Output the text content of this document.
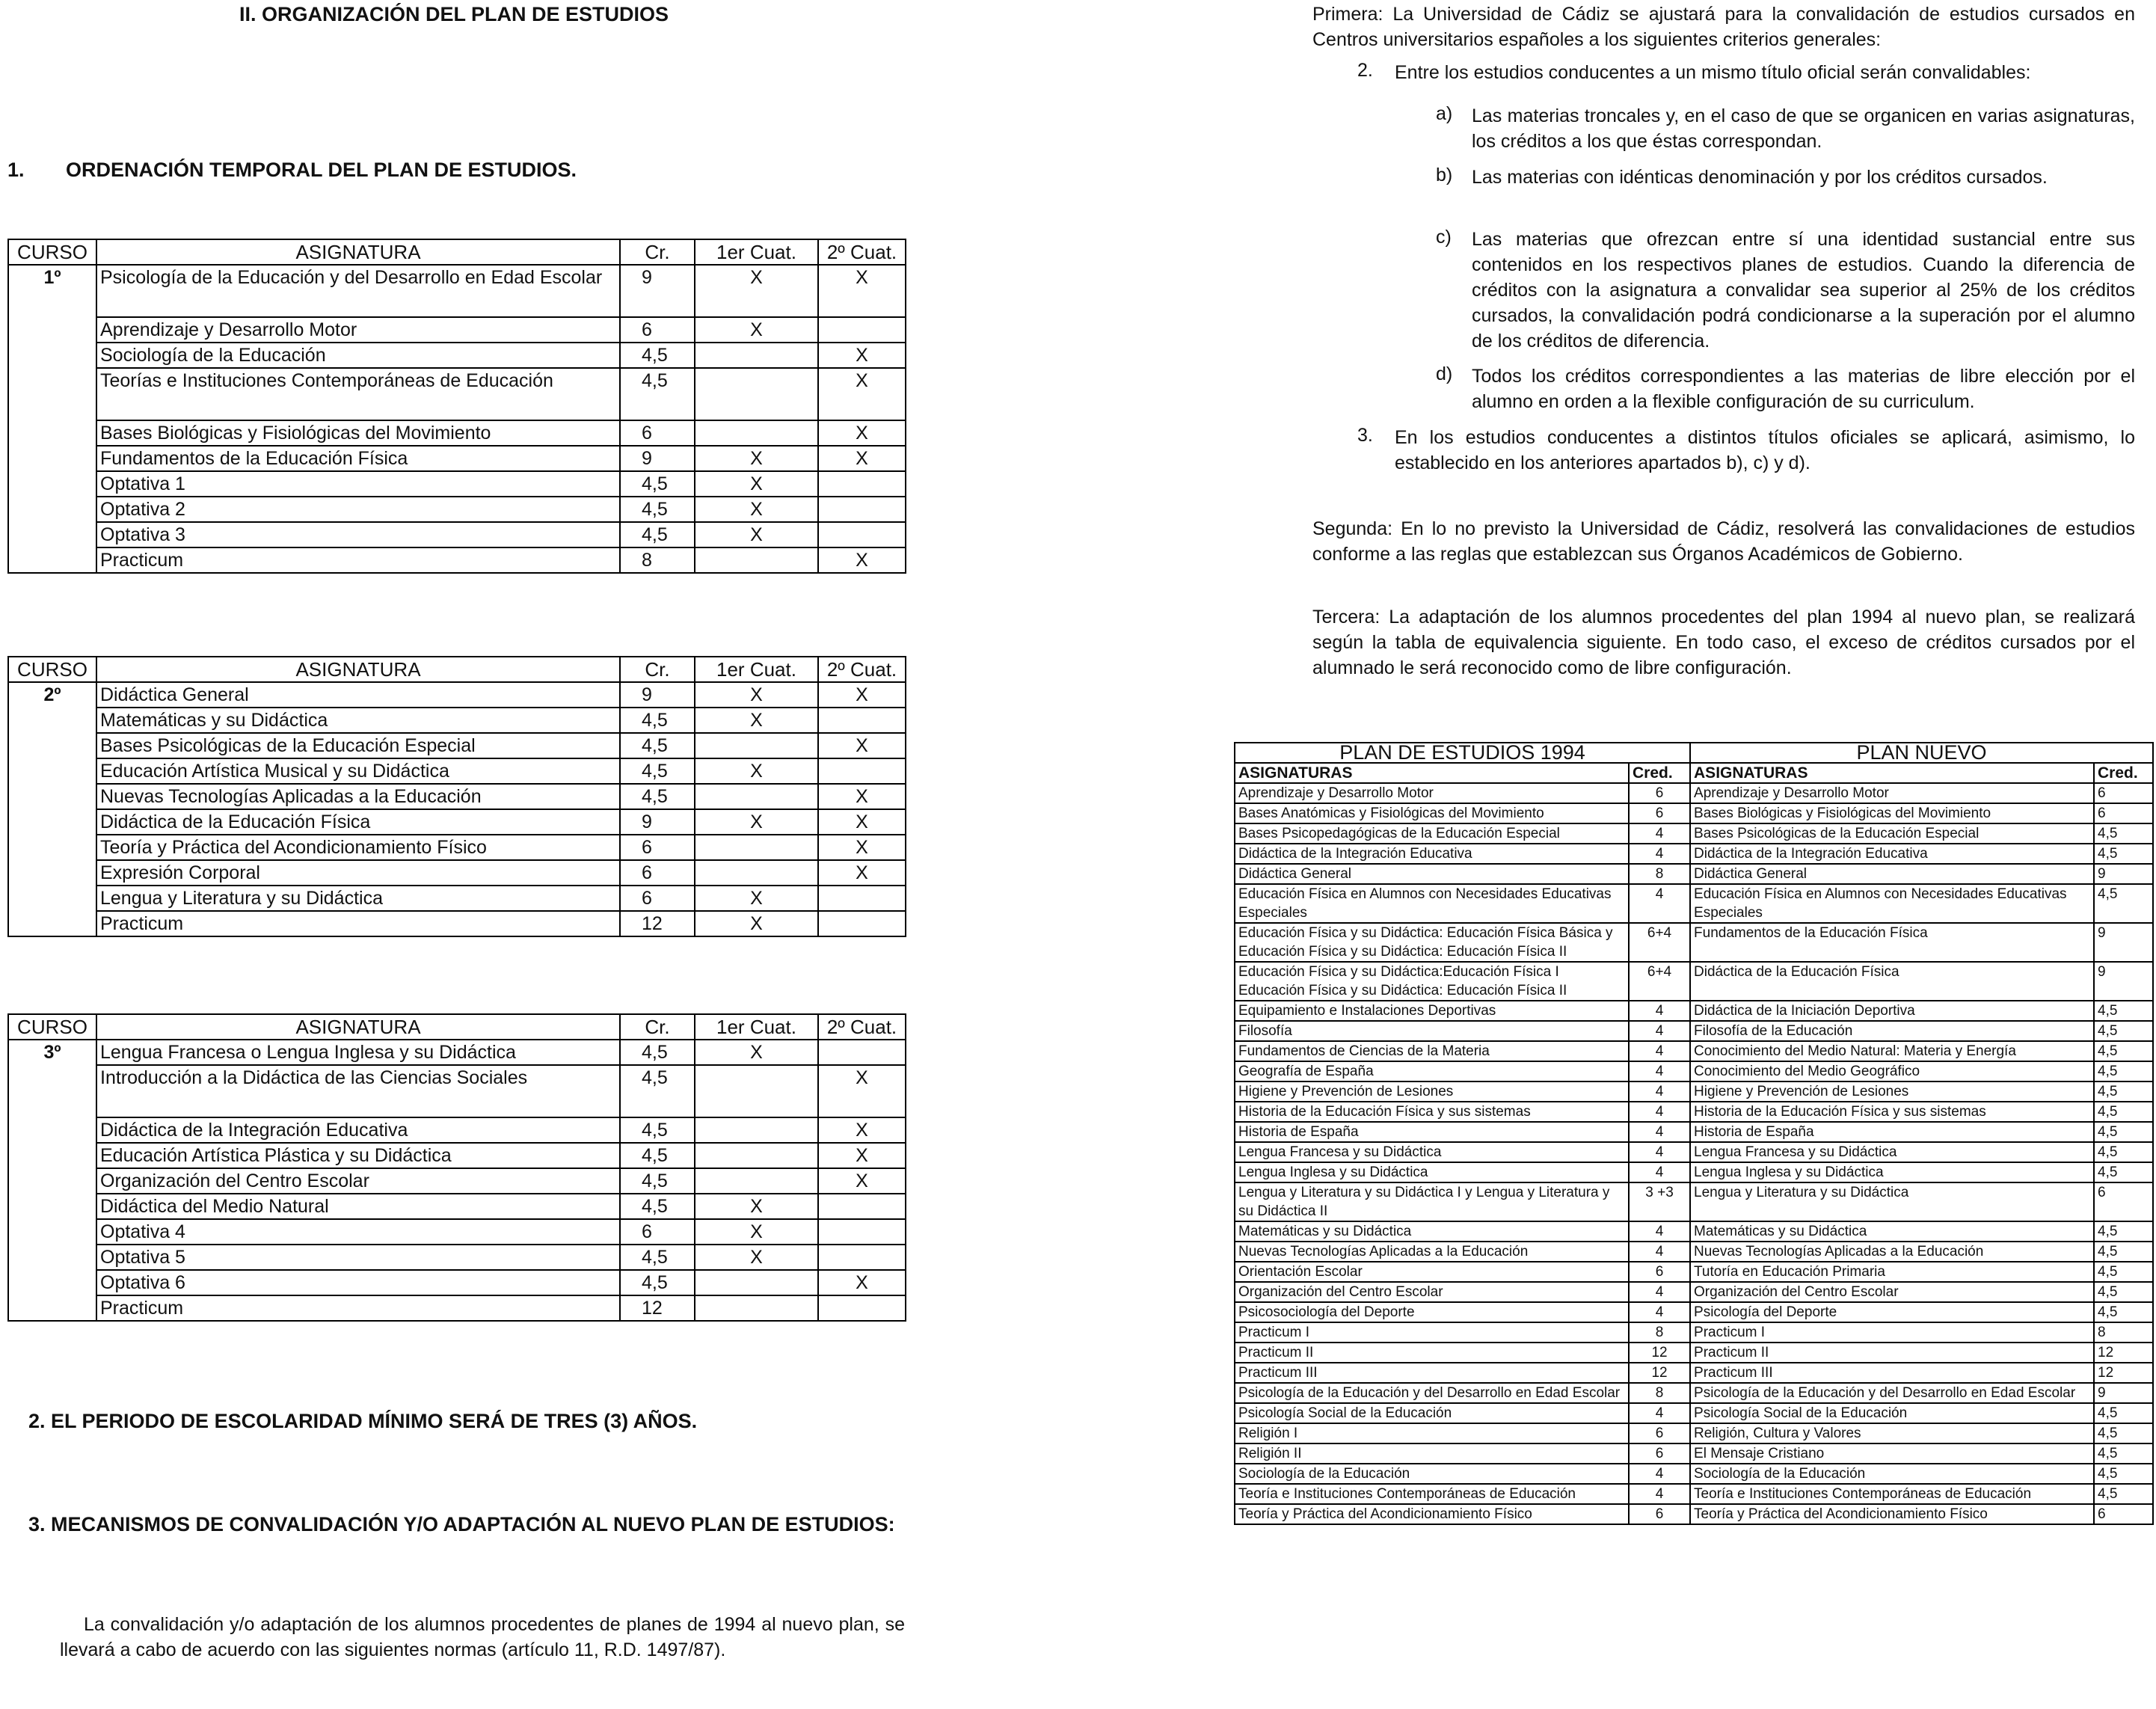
II. ORGANIZACIÓN DEL PLAN DE ESTUDIOS
1. ORDENACIÓN TEMPORAL DEL PLAN DE ESTUDIOS.
CURSO	ASIGNATURA	Cr.	1er Cuat.	2º Cuat.
1º	Psicología de la Educación y del Desarrollo en Edad Escolar	9	X	X
	Aprendizaje y Desarrollo Motor	6	X	
	Sociología de la Educación	4,5		X
	Teorías e Instituciones Contemporáneas de Educación	4,5		X
	Bases Biológicas y Fisiológicas del Movimiento	6		X
	Fundamentos de la Educación Física	9	X	X
	Optativa 1	4,5	X	
	Optativa 2	4,5	X	
	Optativa 3	4,5	X	
	Practicum	8		X
CURSO	ASIGNATURA	Cr.	1er Cuat.	2º Cuat.
2º	Didáctica General	9	X	X
	Matemáticas y su Didáctica	4,5	X	
	Bases Psicológicas de la Educación Especial	4,5		X
	Educación Artística Musical y su Didáctica	4,5	X	
	Nuevas Tecnologías Aplicadas a la Educación	4,5		X
	Didáctica de la Educación Física	9	X	X
	Teoría y Práctica del Acondicionamiento Físico	6		X
	Expresión Corporal	6		X
	Lengua y Literatura y su Didáctica	6	X	
	Practicum	12	X	
CURSO	ASIGNATURA	Cr.	1er Cuat.	2º Cuat.
3º	Lengua Francesa o Lengua Inglesa y su Didáctica	4,5	X	
	Introducción a la Didáctica de las Ciencias Sociales	4,5		X
	Didáctica de la Integración Educativa	4,5		X
	Educación Artística Plástica y su Didáctica	4,5		X
	Organización del Centro Escolar	4,5		X
	Didáctica del Medio Natural	4,5	X	
	Optativa 4	6	X	
	Optativa 5	4,5	X	
	Optativa 6	4,5		X
	Practicum	12		
2. EL PERIODO DE ESCOLARIDAD MÍNIMO SERÁ DE TRES (3) AÑOS.
3. MECANISMOS DE CONVALIDACIÓN Y/O ADAPTACIÓN AL NUEVO PLAN DE ESTUDIOS:
La convalidación y/o adaptación de los alumnos procedentes de planes de 1994 al nuevo plan, se llevará a cabo de acuerdo con las siguientes normas (artículo 11, R.D. 1497/87).
Primera: La Universidad de Cádiz se ajustará para la convalidación de estudios cursados en Centros universitarios españoles a los siguientes criterios generales:
2. Entre los estudios conducentes a un mismo título oficial serán convalidables:
a) Las materias troncales y, en el caso de que se organicen en varias asignaturas, los créditos a los que éstas correspondan.
b) Las materias con idénticas denominación y por los créditos cursados.
c) Las materias que ofrezcan entre sí una identidad sustancial entre sus contenidos en los respectivos planes de estudios. Cuando la diferencia de créditos con la asignatura a convalidar sea superior al 25% de los créditos cursados, la convalidación podrá condicionarse a la superación por el alumno de los créditos de diferencia.
d) Todos los créditos correspondientes a las materias de libre elección por el alumno en orden a la flexible configuración de su curriculum.
3. En los estudios conducentes a distintos títulos oficiales se aplicará, asimismo, lo establecido en los anteriores apartados b), c) y d).
Segunda: En lo no previsto la Universidad de Cádiz, resolverá las convalidaciones de estudios conforme a las reglas que establezcan sus Órganos Académicos de Gobierno.
Tercera: La adaptación de los alumnos procedentes del plan 1994 al nuevo plan, se realizará según la tabla de equivalencia siguiente. En todo caso, el exceso de créditos cursados por el alumnado le será reconocido como de libre configuración.
PLAN DE ESTUDIOS 1994		PLAN NUEVO	
ASIGNATURAS	Cred.	ASIGNATURAS	Cred.
Aprendizaje y Desarrollo Motor	6	Aprendizaje y Desarrollo Motor	6
Bases Anatómicas y Fisiológicas del Movimiento	6	Bases Biológicas y Fisiológicas del Movimiento	6
Bases Psicopedagógicas de la Educación Especial	4	Bases Psicológicas de la Educación Especial	4,5
Didáctica de la Integración Educativa	4	Didáctica de la Integración Educativa	4,5
Didáctica General	8	Didáctica General	9
Educación Física en Alumnos con Necesidades Educativas Especiales	4	Educación Física en Alumnos con Necesidades Educativas Especiales	4,5
Educación Física y su Didáctica: Educación Física Básica y Educación Física y su Didáctica: Educación Física II	6+4	Fundamentos de la Educación Física	9
Educación Física y su Didáctica:Educación Física I Educación Física y su Didáctica: Educación Física II	6+4	Didáctica de la Educación Física	9
Equipamiento e Instalaciones Deportivas	4	Didáctica de la Iniciación Deportiva	4,5
Filosofía	4	Filosofía de la Educación	4,5
Fundamentos de Ciencias de la Materia	4	Conocimiento del Medio Natural: Materia y Energía	4,5
Geografía de España	4	Conocimiento del Medio Geográfico	4,5
Higiene y Prevención de Lesiones	4	Higiene y Prevención de Lesiones	4,5
Historia de la Educación Física y sus sistemas	4	Historia de la Educación Física y sus sistemas	4,5
Historia de España	4	Historia de España	4,5
Lengua Francesa y su Didáctica	4	Lengua Francesa y su Didáctica	4,5
Lengua Inglesa y su Didáctica	4	Lengua Inglesa y su Didáctica	4,5
Lengua y Literatura y su Didáctica I y Lengua y Literatura y su Didáctica II	3 +3	Lengua y Literatura y su Didáctica	6
Matemáticas y su Didáctica	4	Matemáticas y su Didáctica	4,5
Nuevas Tecnologías Aplicadas a la Educación	4	Nuevas Tecnologías Aplicadas a la Educación	4,5
Orientación Escolar	6	Tutoría en Educación Primaria	4,5
Organización del Centro Escolar	4	Organización del Centro Escolar	4,5
Psicosociología del Deporte	4	Psicología del Deporte	4,5
Practicum I	8	Practicum I	8
Practicum II	12	Practicum II	12
Practicum III	12	Practicum III	12
Psicología de la Educación y del Desarrollo en Edad Escolar	8	Psicología de la Educación y del Desarrollo en Edad Escolar	9
Psicología Social de la Educación	4	Psicología Social de la Educación	4,5
Religión I	6	Religión, Cultura y Valores	4,5
Religión II	6	El Mensaje Cristiano	4,5
Sociología de la Educación	4	Sociología de la Educación	4,5
Teoría e Instituciones Contemporáneas de Educación	4	Teoría e Instituciones Contemporáneas de Educación	4,5
Teoría y Práctica del Acondicionamiento Físico	6	Teoría y Práctica del Acondicionamiento Físico	6
